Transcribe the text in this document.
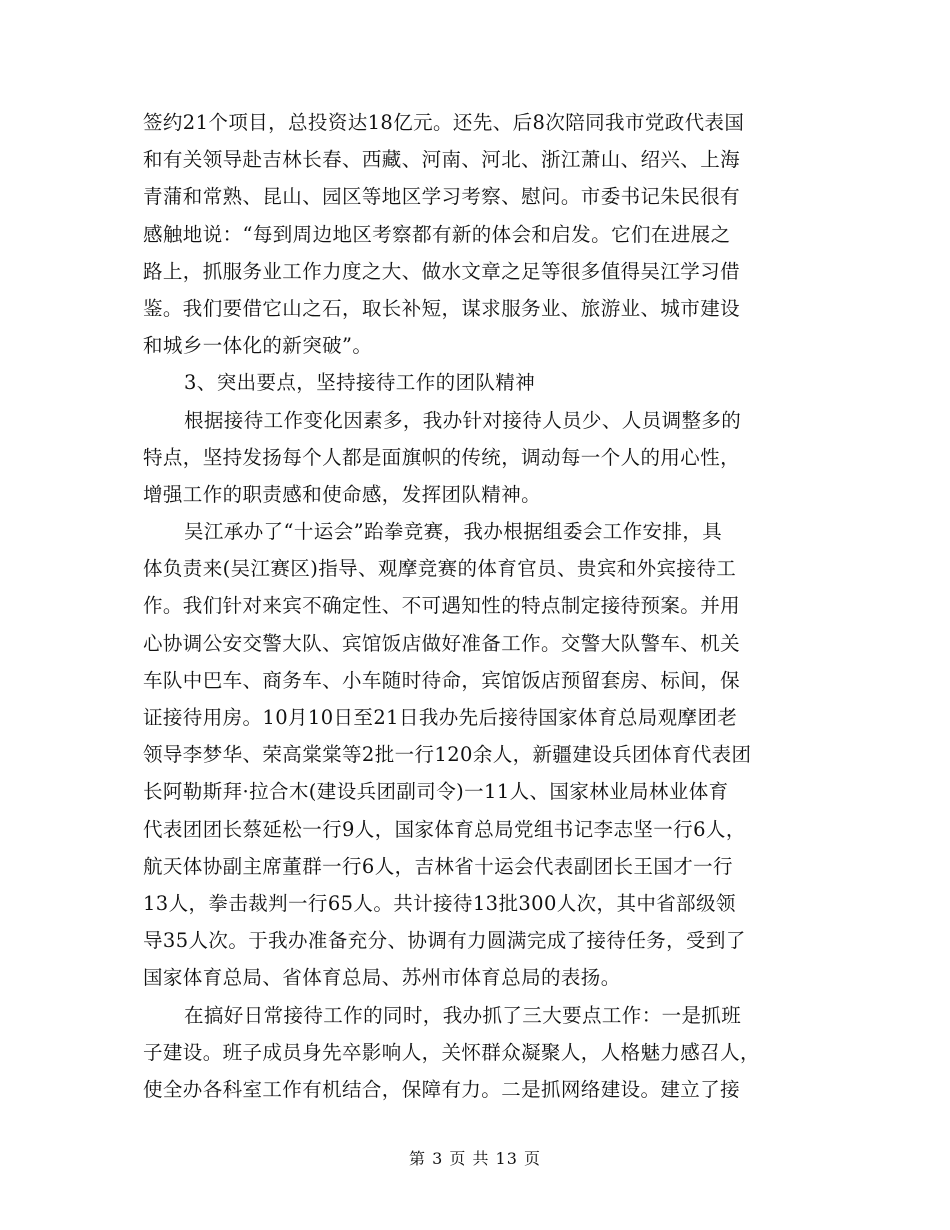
签约21个项目，总投资达18亿元。还先、后8次陪同我市党政代表国
和有关领导赴吉林长春、西藏、河南、河北、浙江萧山、绍兴、上海
青蒲和常熟、昆山、园区等地区学习考察、慰问。市委书记朱民很有
感触地说：“每到周边地区考察都有新的体会和启发。它们在进展之
路上，抓服务业工作力度之大、做水文章之足等很多值得吴江学习借
鉴。我们要借它山之石，取长补短，谋求服务业、旅游业、城市建设
和城乡一体化的新突破”。
3、突出要点，坚持接待工作的团队精神
根据接待工作变化因素多，我办针对接待人员少、人员调整多的
特点，坚持发扬每个人都是面旗帜的传统，调动每一个人的用心性，
增强工作的职责感和使命感，发挥团队精神。
吴江承办了“十运会”跆拳竞赛，我办根据组委会工作安排，具
体负责来(吴江赛区)指导、观摩竞赛的体育官员、贵宾和外宾接待工
作。我们针对来宾不确定性、不可遇知性的特点制定接待预案。并用
心协调公安交警大队、宾馆饭店做好准备工作。交警大队警车、机关
车队中巴车、商务车、小车随时待命，宾馆饭店预留套房、标间，保
证接待用房。10月10日至21日我办先后接待国家体育总局观摩团老
领导李梦华、荣高棠棠等2批一行120余人，新疆建设兵团体育代表团
长阿勒斯拜·拉合木(建设兵团副司令)一11人、国家林业局林业体育
代表团团长蔡延松一行9人，国家体育总局党组书记李志坚一行6人，
航天体协副主席董群一行6人，吉林省十运会代表副团长王国才一行
13人，拳击裁判一行65人。共计接待13批300人次，其中省部级领
导35人次。于我办准备充分、协调有力圆满完成了接待任务，受到了
国家体育总局、省体育总局、苏州市体育总局的表扬。
在搞好日常接待工作的同时，我办抓了三大要点工作：一是抓班
子建设。班子成员身先卒影响人，关怀群众凝聚人，人格魅力感召人，
使全办各科室工作有机结合，保障有力。二是抓网络建设。建立了接
第 3 页 共 13 页
